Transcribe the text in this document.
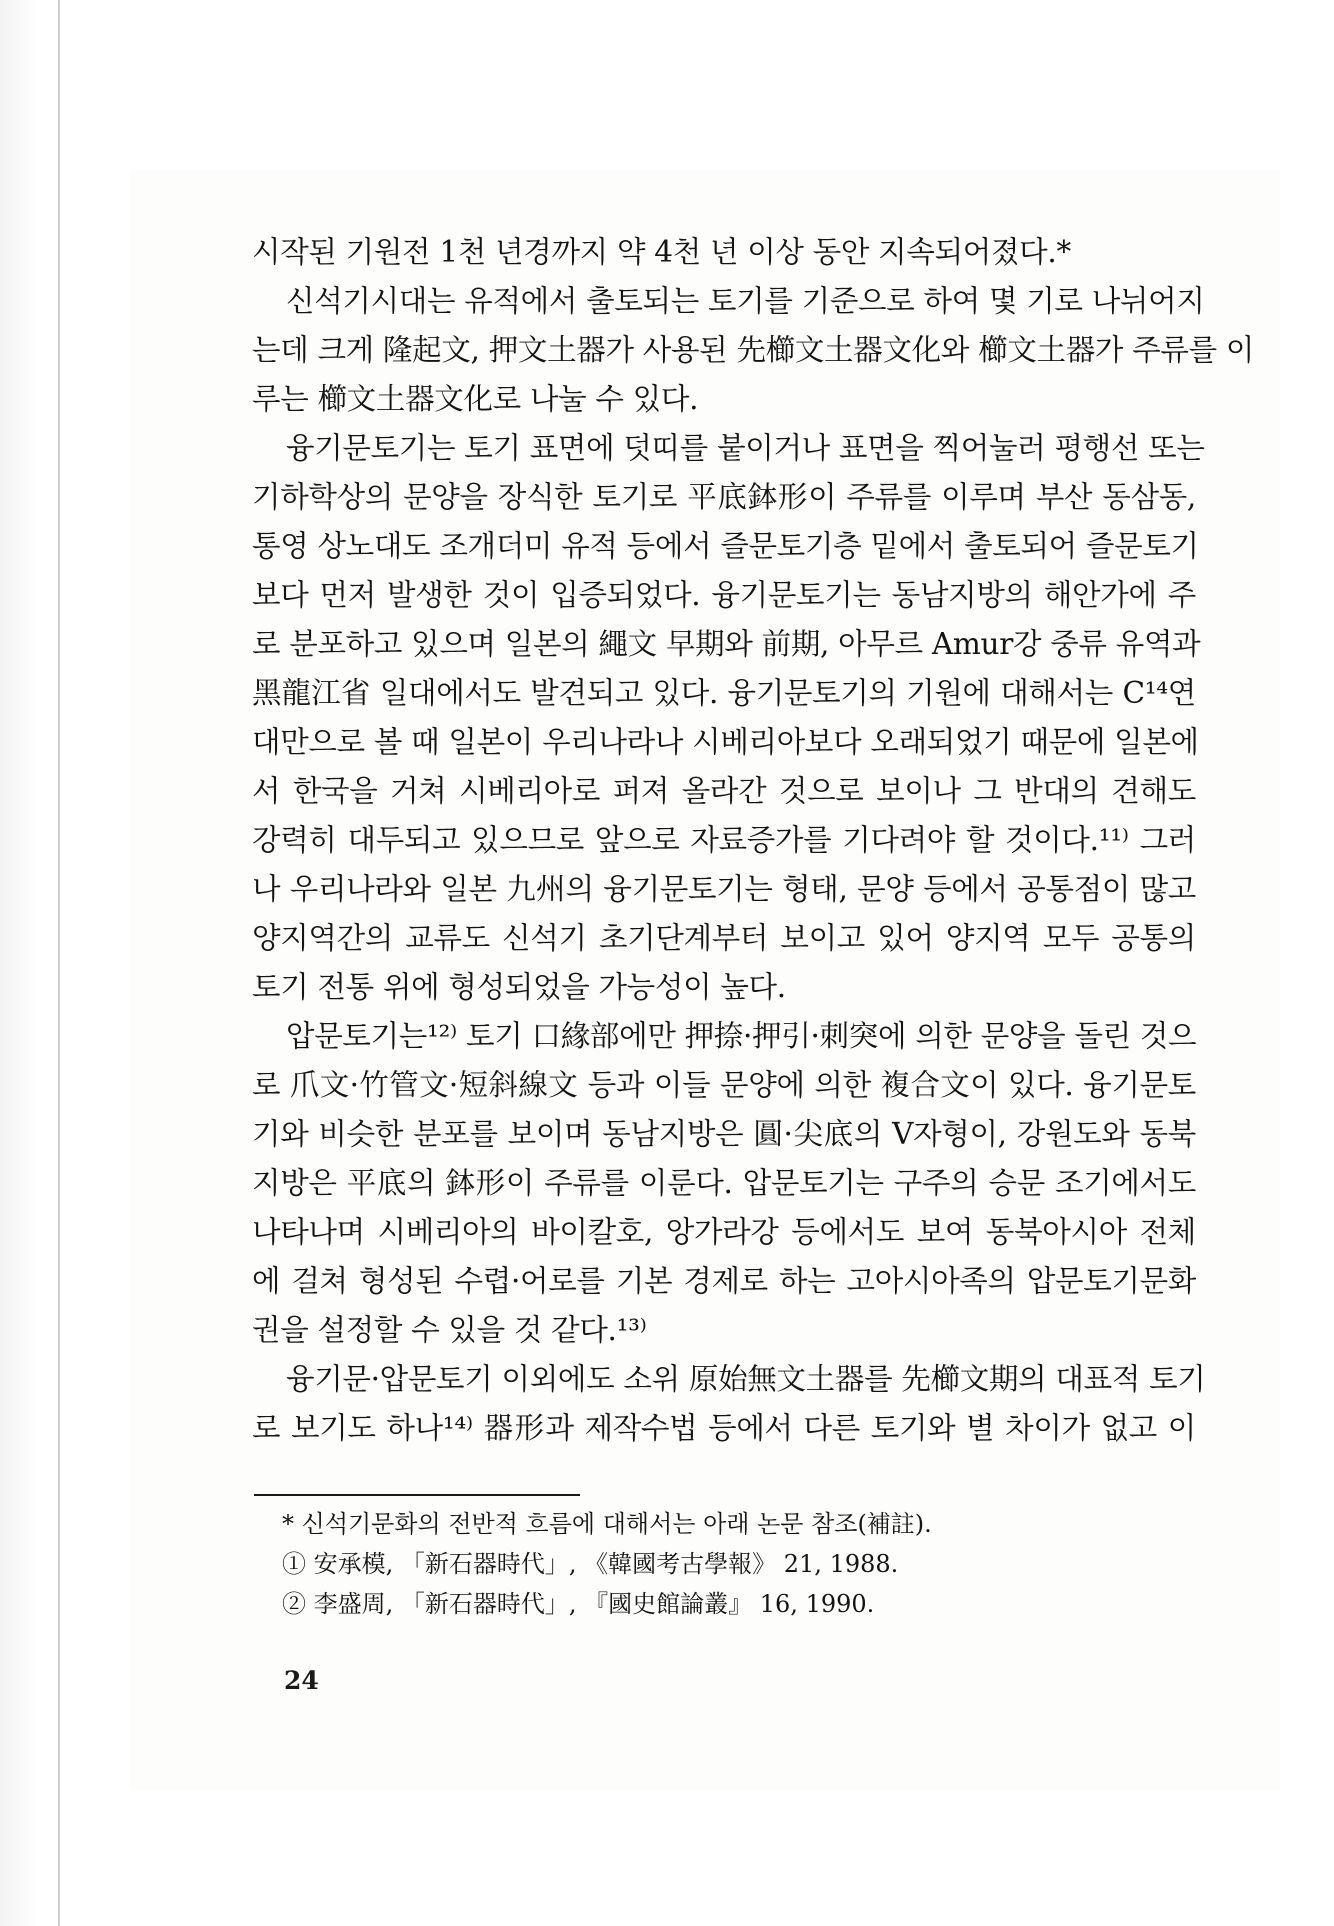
시작된 기원전 1천 년경까지 약 4천 년 이상 동안 지속되어졌다.*
신석기시대는 유적에서 출토되는 토기를 기준으로 하여 몇 기로 나뉘어지
는데 크게 隆起文, 押文土器가 사용된 先櫛文土器文化와 櫛文土器가 주류를 이
루는 櫛文土器文化로 나눌 수 있다.
융기문토기는 토기 표면에 덧띠를 붙이거나 표면을 찍어눌러 평행선 또는
기하학상의 문양을 장식한 토기로 平底鉢形이 주류를 이루며 부산 동삼동,
통영 상노대도 조개더미 유적 등에서 즐문토기층 밑에서 출토되어 즐문토기
보다 먼저 발생한 것이 입증되었다. 융기문토기는 동남지방의 해안가에 주
로 분포하고 있으며 일본의 繩文 早期와 前期, 아무르 Amur강 중류 유역과
黑龍江省 일대에서도 발견되고 있다. 융기문토기의 기원에 대해서는 C¹⁴연
대만으로 볼 때 일본이 우리나라나 시베리아보다 오래되었기 때문에 일본에
서 한국을 거쳐 시베리아로 퍼져 올라간 것으로 보이나 그 반대의 견해도
강력히 대두되고 있으므로 앞으로 자료증가를 기다려야 할 것이다.¹¹⁾ 그러
나 우리나라와 일본 九州의 융기문토기는 형태, 문양 등에서 공통점이 많고
양지역간의 교류도 신석기 초기단계부터 보이고 있어 양지역 모두 공통의
토기 전통 위에 형성되었을 가능성이 높다.
압문토기는¹²⁾ 토기 口緣部에만 押捺·押引·刺突에 의한 문양을 돌린 것으
로 爪文·竹管文·短斜線文 등과 이들 문양에 의한 複合文이 있다. 융기문토
기와 비슷한 분포를 보이며 동남지방은 圓·尖底의 V자형이, 강원도와 동북
지방은 平底의 鉢形이 주류를 이룬다. 압문토기는 구주의 승문 조기에서도
나타나며 시베리아의 바이칼호, 앙가라강 등에서도 보여 동북아시아 전체
에 걸쳐 형성된 수렵·어로를 기본 경제로 하는 고아시아족의 압문토기문화
권을 설정할 수 있을 것 같다.¹³⁾
융기문·압문토기 이외에도 소위 原始無文土器를 先櫛文期의 대표적 토기
로 보기도 하나¹⁴⁾ 器形과 제작수법 등에서 다른 토기와 별 차이가 없고 이
* 신석기문화의 전반적 흐름에 대해서는 아래 논문 참조(補註).
① 安承模, 「新石器時代」, 《韓國考古學報》 21, 1988.
② 李盛周, 「新石器時代」, 『國史館論叢』 16, 1990.
24
